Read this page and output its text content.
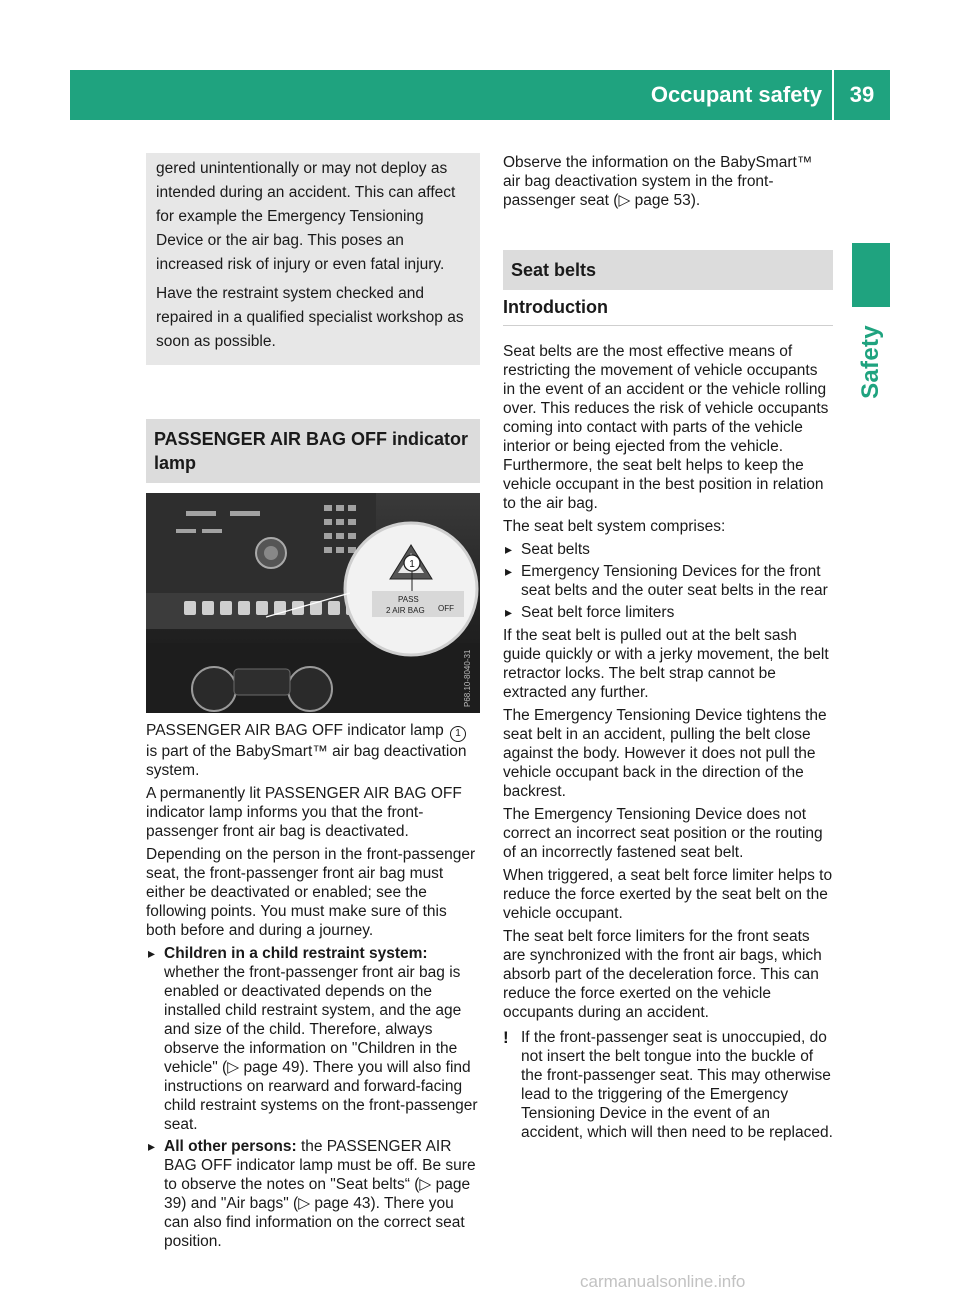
Occupant safety	39
Safety

gered unintentionally or may not deploy as intended during an accident. This can affect for example the Emergency Tensioning Device or the air bag. This poses an increased risk of injury or even fatal injury.

Have the restraint system checked and repaired in a qualified specialist workshop as soon as possible.

PASSENGER AIR BAG OFF indicator lamp
1
PASS
2 AIR BAG OFF
P68.10-8040-31

PASSENGER AIR BAG OFF indicator lamp 1 is part of the BabySmart™ air bag deactivation system.

A permanently lit PASSENGER AIR BAG OFF indicator lamp informs you that the front-passenger front air bag is deactivated.

Depending on the person in the front-passenger seat, the front-passenger front air bag must either be deactivated or enabled; see the following points. You must make sure of this both before and during a journey.

▸ Children in a child restraint system:
whether the front-passenger front air bag is enabled or deactivated depends on the installed child restraint system, and the age and size of the child. Therefore, always observe the information on "Children in the vehicle" (▷ page 49). There you will also find instructions on rearward and forward-facing child restraint systems on the front-passenger seat.
▸ All other persons: the PASSENGER AIR BAG OFF indicator lamp must be off. Be sure to observe the notes on "Seat belts“ (▷ page 39) and "Air bags" (▷ page 43). There you can also find information on the correct seat position.

Observe the information on the BabySmart™ air bag deactivation system in the front-passenger seat (▷ page 53).

Seat belts
Introduction

Seat belts are the most effective means of restricting the movement of vehicle occupants in the event of an accident or the vehicle rolling over. This reduces the risk of vehicle occupants coming into contact with parts of the vehicle interior or being ejected from the vehicle. Furthermore, the seat belt helps to keep the vehicle occupant in the best position in relation to the air bag.

The seat belt system comprises:

▸ Seat belts
▸ Emergency Tensioning Devices for the front seat belts and the outer seat belts in the rear
▸ Seat belt force limiters

If the seat belt is pulled out at the belt sash guide quickly or with a jerky movement, the belt retractor locks. The belt strap cannot be extracted any further.

The Emergency Tensioning Device tightens the seat belt in an accident, pulling the belt close against the body. However it does not pull the vehicle occupant back in the direction of the backrest.

The Emergency Tensioning Device does not correct an incorrect seat position or the routing of an incorrectly fastened seat belt.

When triggered, a seat belt force limiter helps to reduce the force exerted by the seat belt on the vehicle occupant.

The seat belt force limiters for the front seats are synchronized with the front air bags, which absorb part of the deceleration force. This can reduce the force exerted on the vehicle occupants during an accident.

! If the front-passenger seat is unoccupied, do not insert the belt tongue into the buckle of the front-passenger seat. This may otherwise lead to the triggering of the Emergency Tensioning Device in the event of an accident, which will then need to be replaced.
carmanualsonline.info
